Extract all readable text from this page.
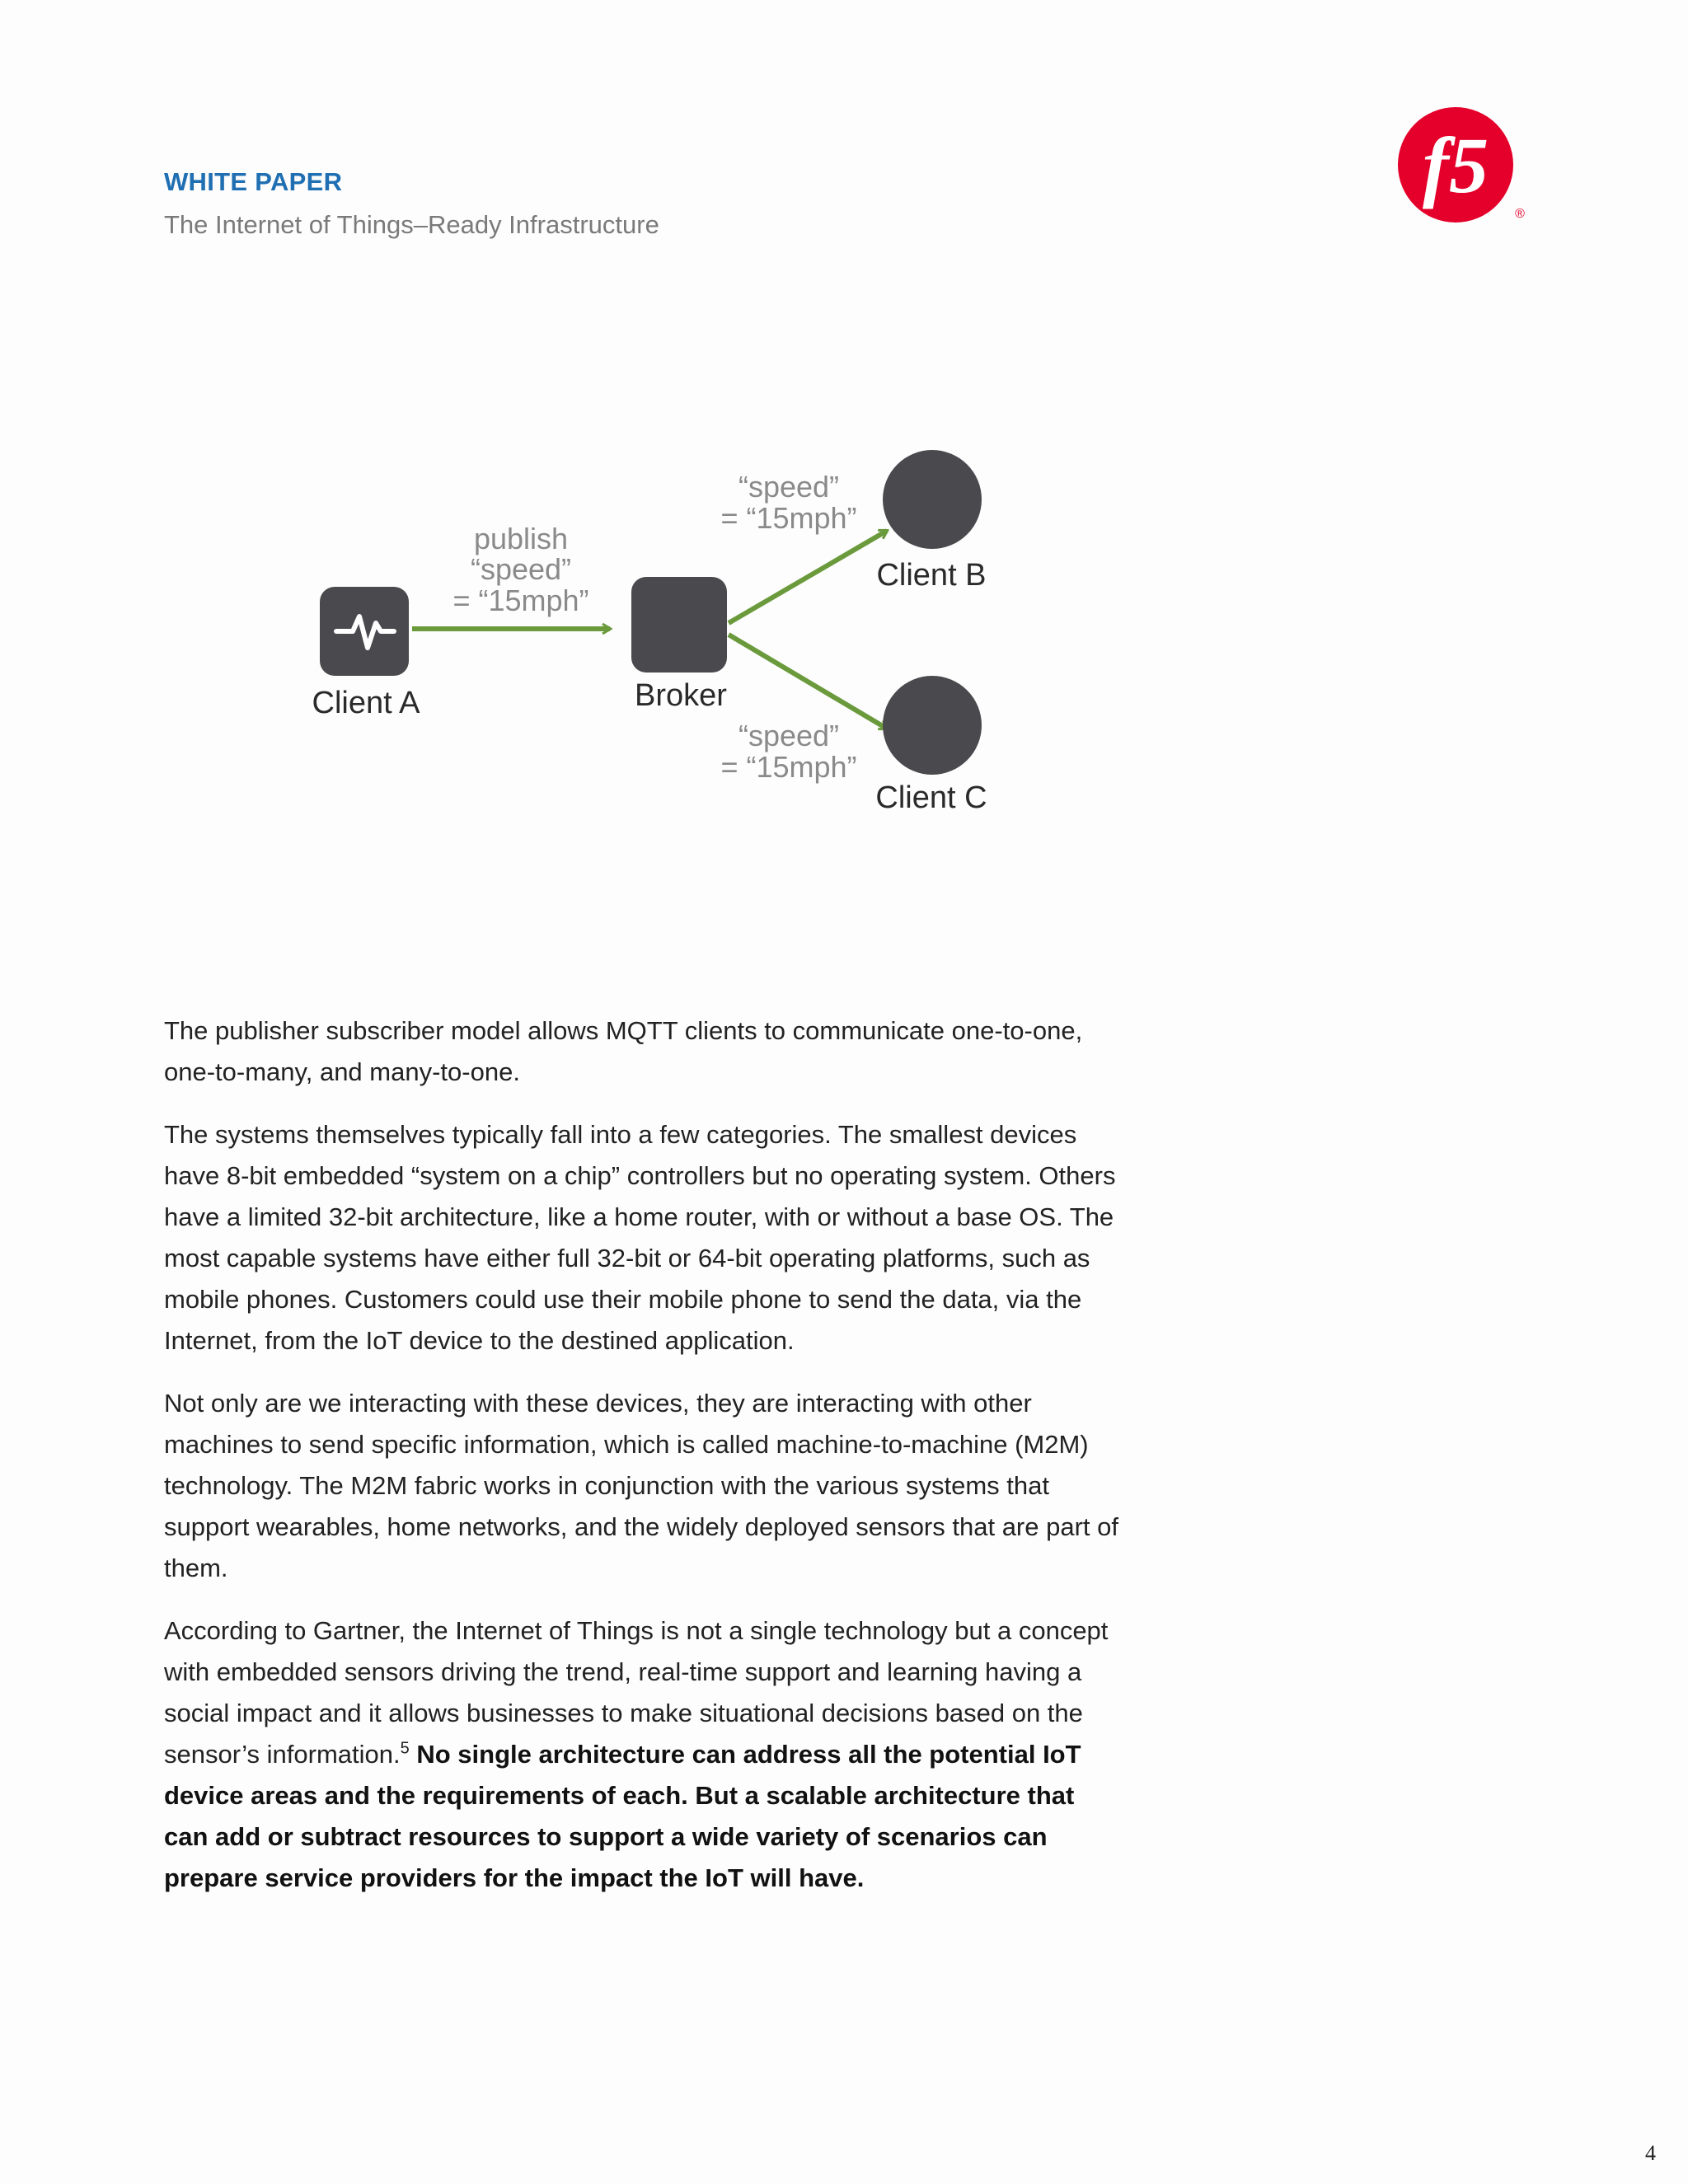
WHITE PAPER
The Internet of Things–Ready Infrastructure
f5
®
Client A	Broker
Client B
Client C
publish
“speed”
= “15mph”
“speed”
= “15mph”
“speed”
= “15mph”

The publisher subscriber model allows MQTT clients to communicate one-to-one, one-to-many, and many-to-one.

The systems themselves typically fall into a few categories. The smallest devices have 8-bit embedded “system on a chip” controllers but no operating system. Others have a limited 32-bit architecture, like a home router, with or without a base OS. The most capable systems have either full 32-bit or 64-bit operating platforms, such as mobile phones. Customers could use their mobile phone to send the data, via the Internet, from the IoT device to the destined application.

Not only are we interacting with these devices, they are interacting with other machines to send specific information, which is called machine-to-machine (M2M) technology. The M2M fabric works in conjunction with the various systems that support wearables, home networks, and the widely deployed sensors that are part of them.

According to Gartner, the Internet of Things is not a single technology but a concept with embedded sensors driving the trend, real-time support and learning having a social impact and it allows businesses to make situational decisions based on the sensor’s information.$^5$ No single architecture can address all the potential IoT device areas and the requirements of each. But a scalable architecture that can add or subtract resources to support a wide variety of scenarios can prepare service providers for the impact the IoT will have.

4
